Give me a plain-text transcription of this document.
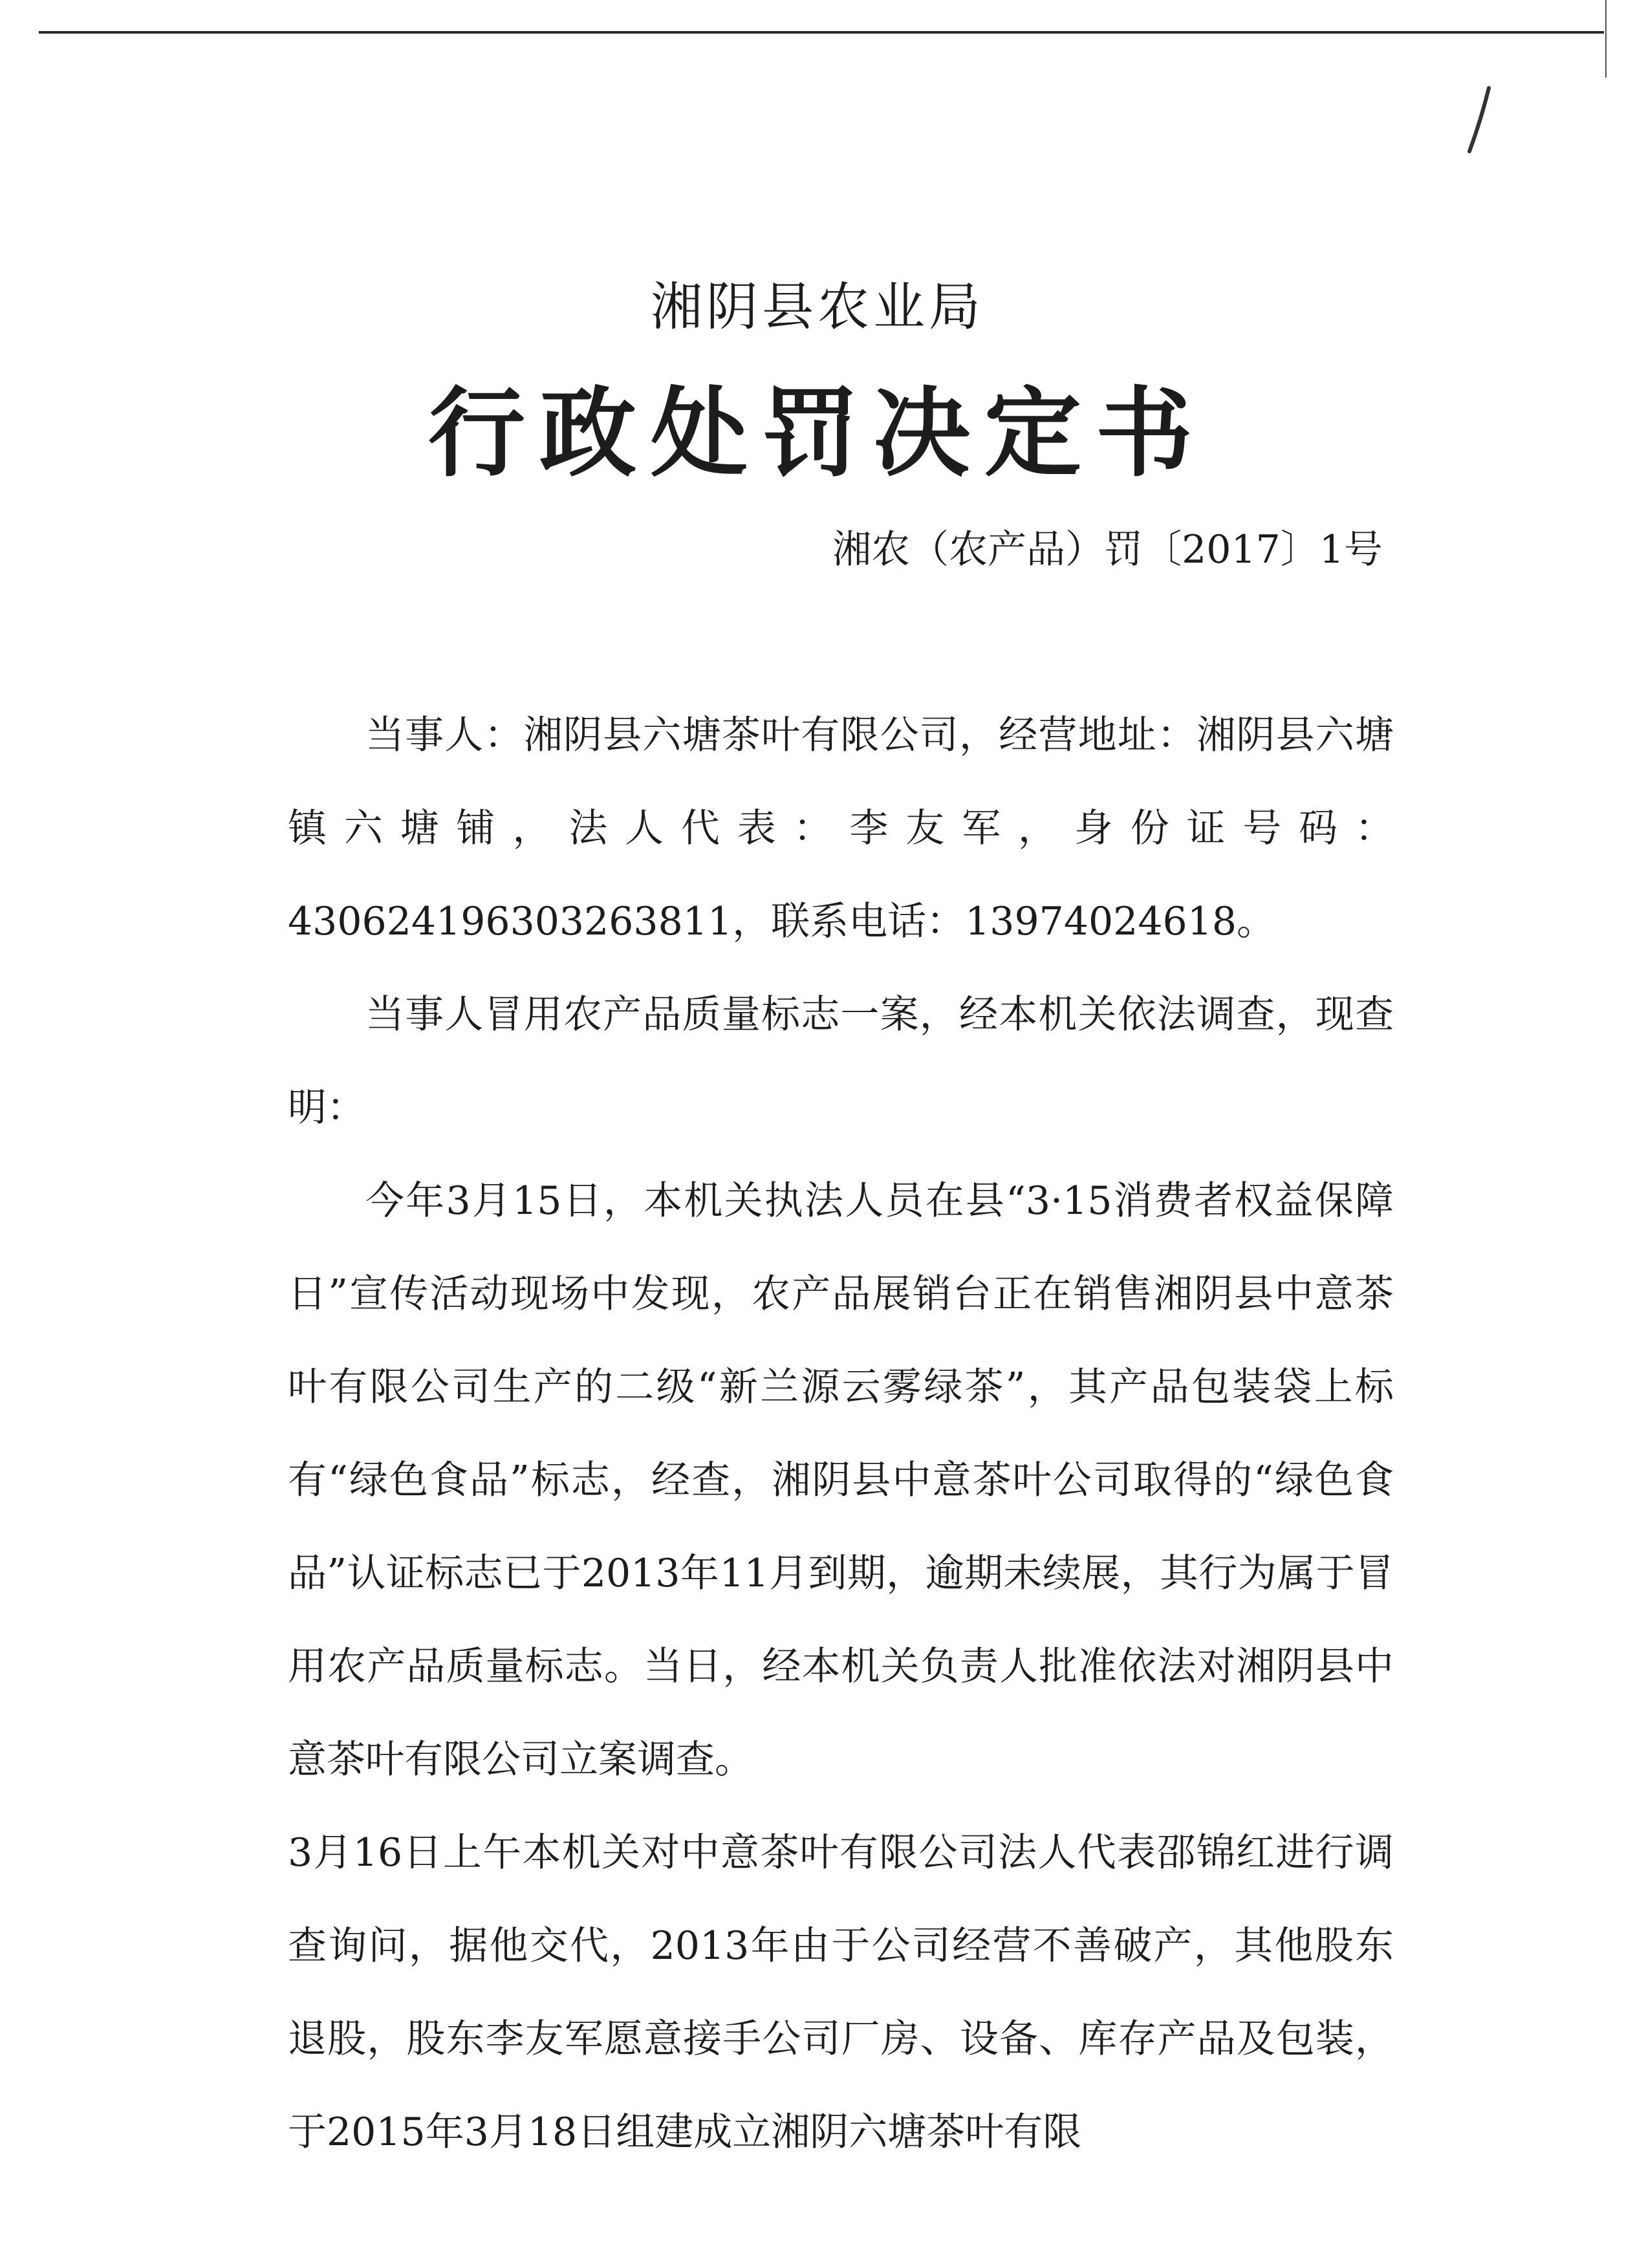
湘阴县农业局
行政处罚决定书
湘农（农产品）罚〔2017〕1号

当事人：湘阴县六塘茶叶有限公司，经营地址：湘阴县六塘镇六塘铺，法人代表：李友军，身份证号码：430624196303263811，联系电话：13974024618。

当事人冒用农产品质量标志一案，经本机关依法调查，现查明：

今年3月15日，本机关执法人员在县“3·15消费者权益保障日”宣传活动现场中发现，农产品展销台正在销售湘阴县中意茶叶有限公司生产的二级“新兰源云雾绿茶”，其产品包装袋上标有“绿色食品”标志，经查，湘阴县中意茶叶公司取得的“绿色食品”认证标志已于2013年11月到期，逾期未续展，其行为属于冒用农产品质量标志。当日，经本机关负责人批准依法对湘阴县中意茶叶有限公司立案调查。

3月16日上午本机关对中意茶叶有限公司法人代表邵锦红进行调查询问，据他交代，2013年由于公司经营不善破产，其他股东退股，股东李友军愿意接手公司厂房、设备、库存产品及包装，于2015年3月18日组建成立湘阴六塘茶叶有限
